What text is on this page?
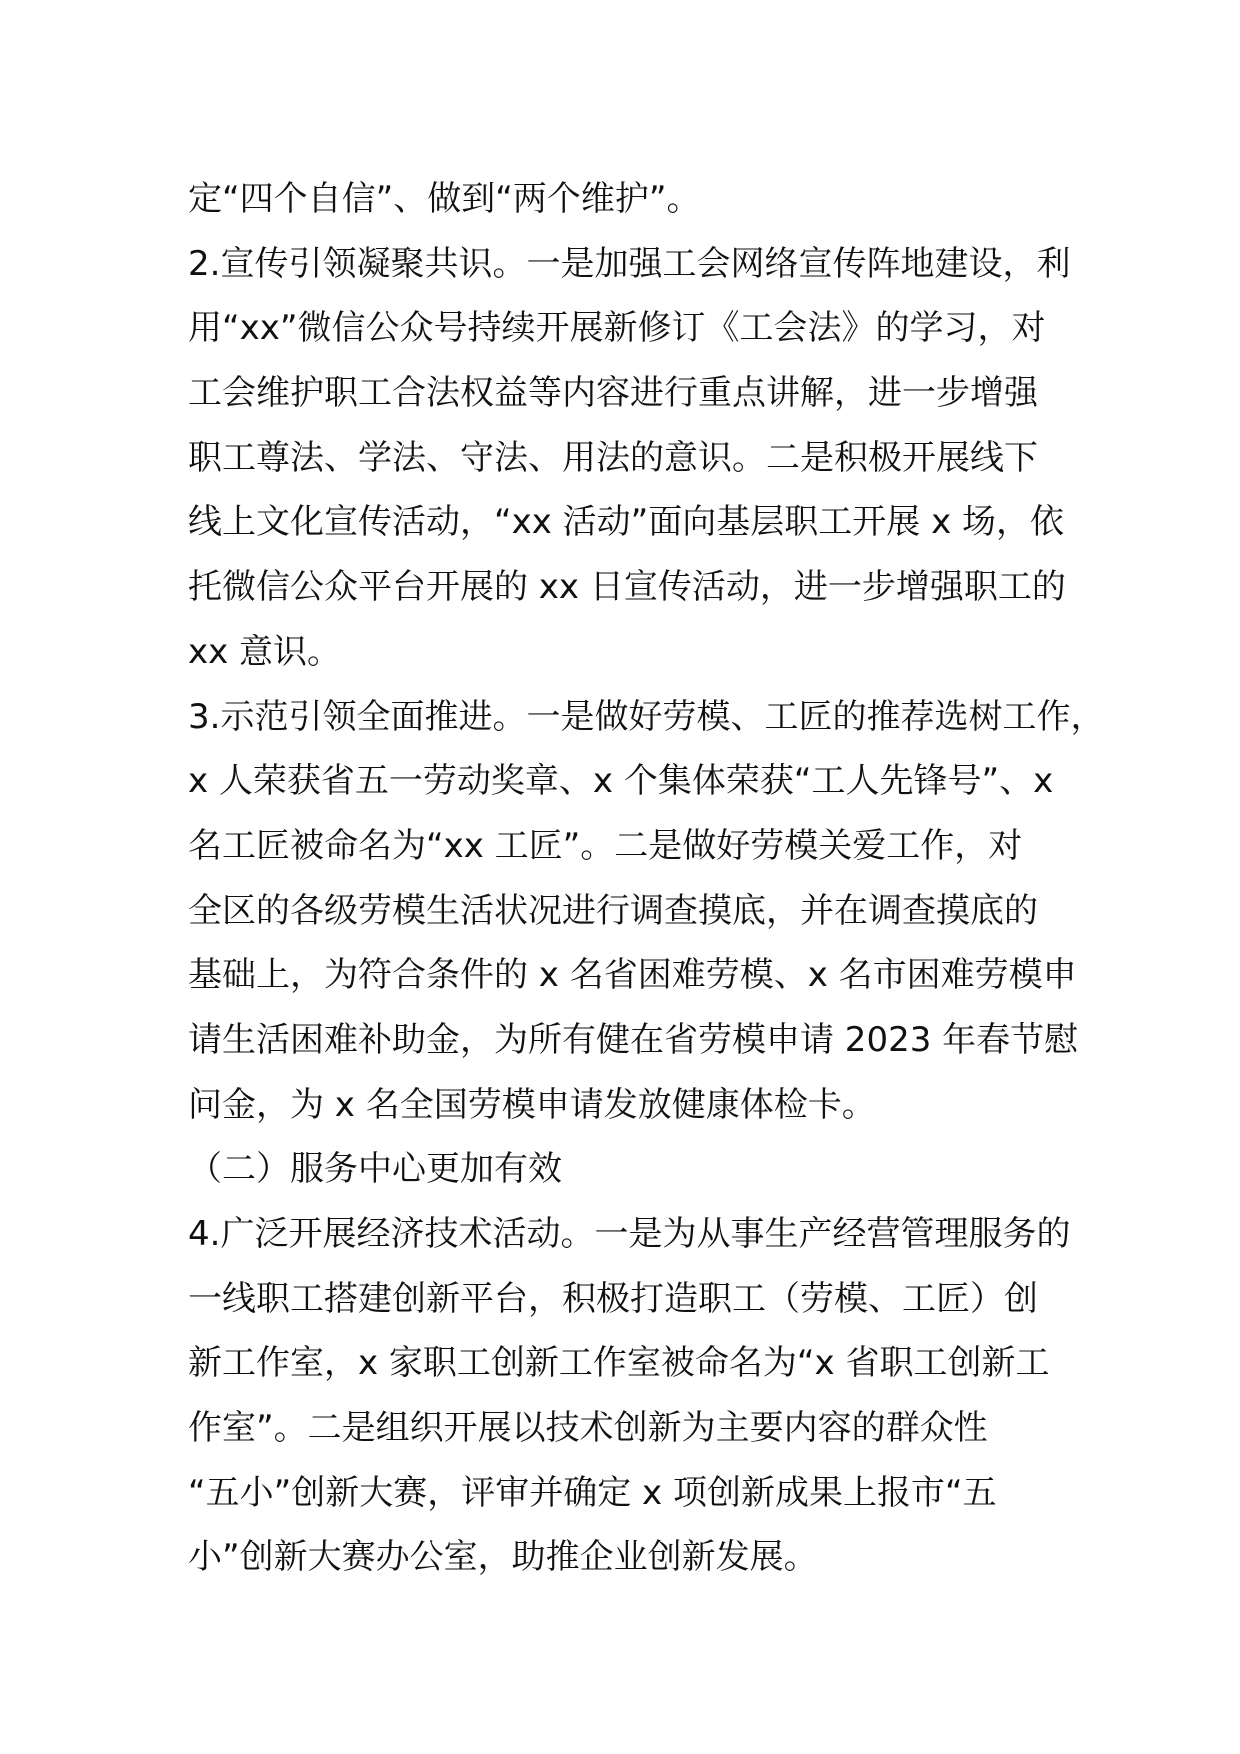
定“四个自信”、做到“两个维护”。
2.宣传引领凝聚共识。一是加强工会网络宣传阵地建设，利
用“xx”微信公众号持续开展新修订《工会法》的学习，对
工会维护职工合法权益等内容进行重点讲解，进一步增强
职工尊法、学法、守法、用法的意识。二是积极开展线下
线上文化宣传活动，“xx 活动”面向基层职工开展 x 场，依
托微信公众平台开展的 xx 日宣传活动，进一步增强职工的
xx 意识。
3.示范引领全面推进。一是做好劳模、工匠的推荐选树工作，
x 人荣获省五一劳动奖章、x 个集体荣获“工人先锋号”、x
名工匠被命名为“xx 工匠”。二是做好劳模关爱工作，对
全区的各级劳模生活状况进行调查摸底，并在调查摸底的
基础上，为符合条件的 x 名省困难劳模、x 名市困难劳模申
请生活困难补助金，为所有健在省劳模申请 2023 年春节慰
问金，为 x 名全国劳模申请发放健康体检卡。
（二）服务中心更加有效
4.广泛开展经济技术活动。一是为从事生产经营管理服务的
一线职工搭建创新平台，积极打造职工（劳模、工匠）创
新工作室，x 家职工创新工作室被命名为“x 省职工创新工
作室”。二是组织开展以技术创新为主要内容的群众性
“五小”创新大赛，评审并确定 x 项创新成果上报市“五
小”创新大赛办公室，助推企业创新发展。
